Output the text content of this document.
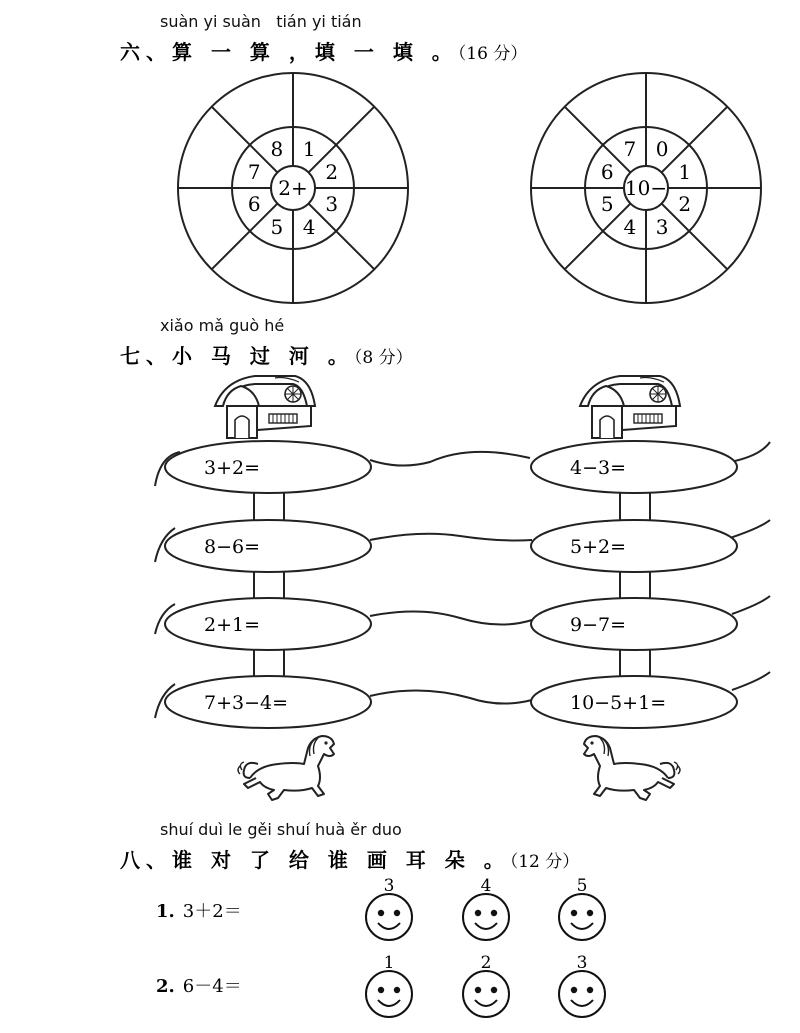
suàn yi suàn   tián yi tián
六、算 一 算 ，填 一 填 。（16 分）
xiǎo mǎ guò hé
七、小 马 过 河 。（8 分）
shuí duì le gěi shuí huà ěr duo
八、谁 对 了 给 谁 画 耳 朵 。（12 分）
1. 3＋2＝
2. 6－4＝
2+
1
2
3
4
5
6
7
8
10−
0
1
2
3
4
5
6
7
3+2=
8−6=
2+1=
7+3−4=
4−3=
5+2=
9−7=
10−5+1=
3	4	5
1	2	3
